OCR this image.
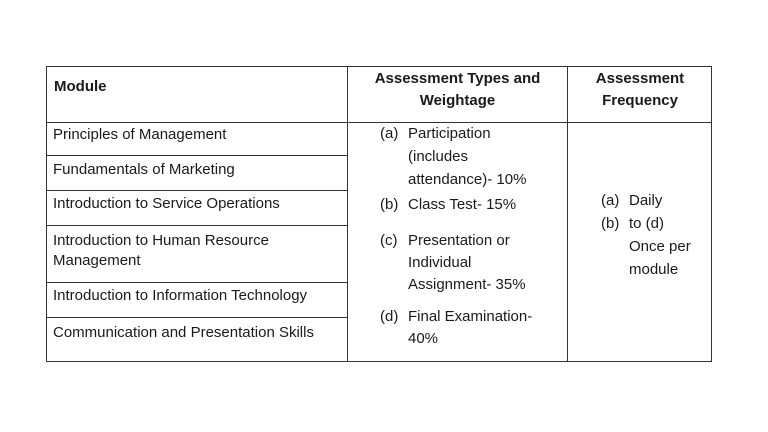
Module	Assessment Types and
Weightage
Assessment
Frequency
Principles of Management
Fundamentals of Marketing
Introduction to Service Operations
Introduction to Human Resource
Management
Introduction to Information Technology
Communication and Presentation Skills
(a) Participation
(includes
attendance)- 10%
(b) Class Test- 15%
(c) Presentation or
Individual
Assignment- 35%
(d) Final Examination-
40%
(a) Daily
(b) to (d)
Once per
module
